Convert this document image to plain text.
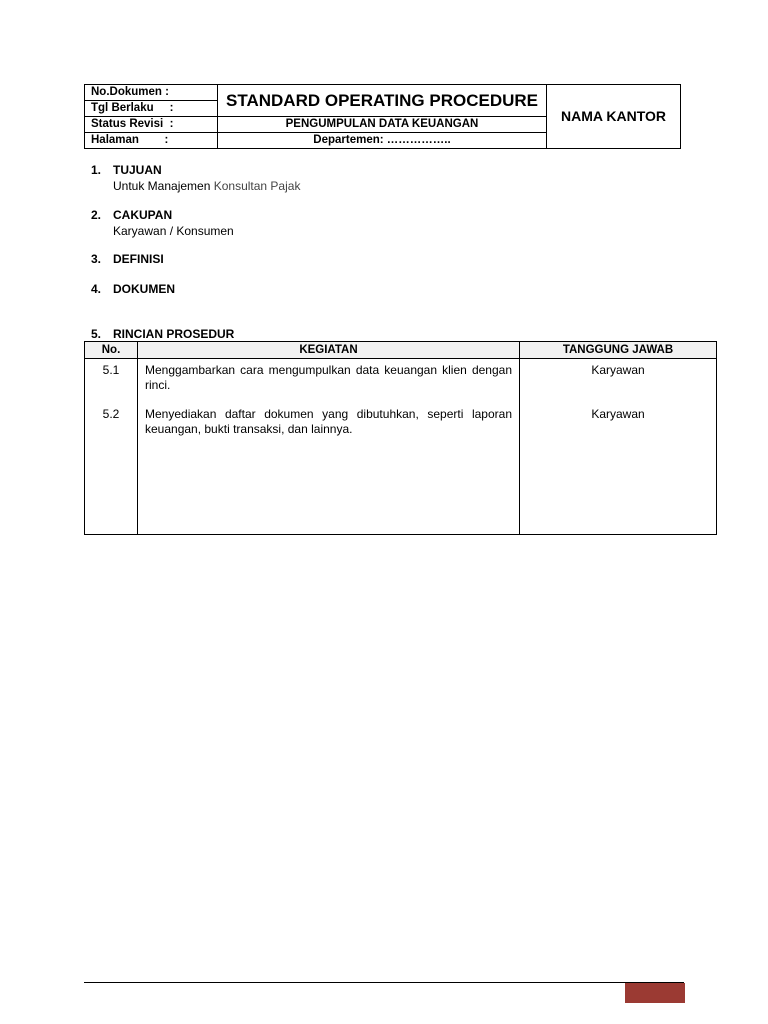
No.Dokumen :	STANDARD OPERATING PROCEDURE	NAMA KANTOR
Tgl Berlaku :		
Status Revisi :	PENGUMPULAN DATA KEUANGAN	
Halaman :	Departemen: ……………..	
1. TUJUAN
Untuk Manajemen Konsultan Pajak
2. CAKUPAN
Karyawan / Konsumen
3. DEFINISI
4. DOKUMEN
5. RINCIAN PROSEDUR
No.	KEGIATAN	TANGGUNG JAWAB
5.1	Menggambarkan cara mengumpulkan data keuangan klien dengan rinci.	Karyawan
5.2	Menyediakan daftar dokumen yang dibutuhkan, seperti laporan keuangan, bukti transaksi, dan lainnya.	Karyawan
